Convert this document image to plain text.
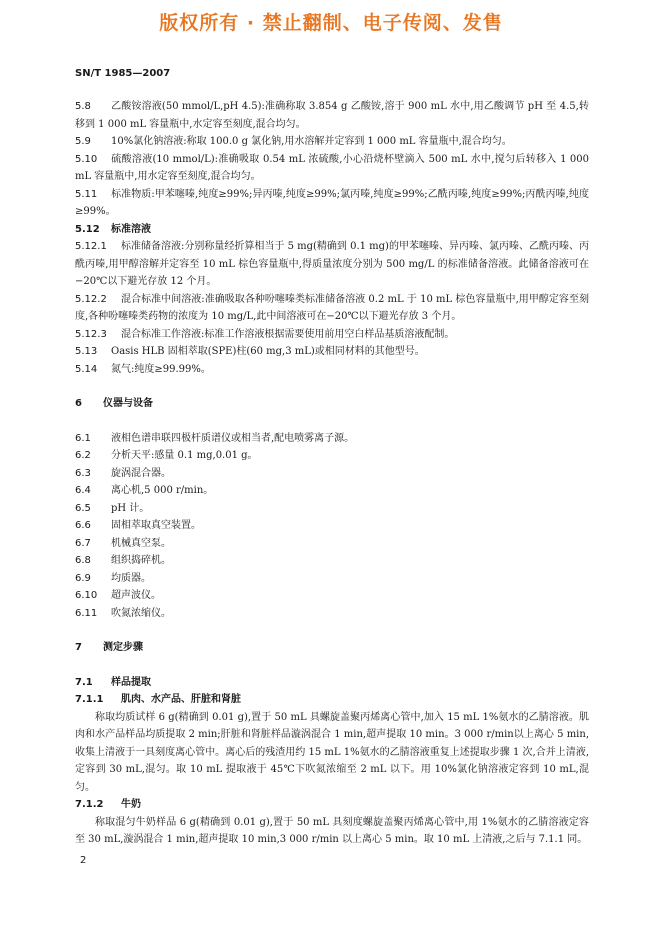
版权所有 · 禁止翻制、电子传阅、发售
SN/T 1985—2007

5.8 乙酸铵溶液(50 mmol/L,pH 4.5):准确称取 3.854 g 乙酸铵,溶于 900 mL 水中,用乙酸调节 pH 至 4.5,转移到 1 000 mL 容量瓶中,水定容至刻度,混合均匀。

5.9 10%氯化钠溶液:称取 100.0 g 氯化钠,用水溶解并定容到 1 000 mL 容量瓶中,混合均匀。

5.10 硫酸溶液(10 mmol/L):准确吸取 0.54 mL 浓硫酸,小心沿烧杯壁滴入 500 mL 水中,搅匀后转移入 1 000 mL 容量瓶中,用水定容至刻度,混合均匀。

5.11 标准物质:甲苯噻嗪,纯度≥99%;异丙嗪,纯度≥99%;氯丙嗪,纯度≥99%;乙酰丙嗪,纯度≥99%;丙酰丙嗪,纯度≥99%。

5.12 标准溶液

5.12.1 标准储备溶液:分别称量经折算相当于 5 mg(精确到 0.1 mg)的甲苯噻嗪、异丙嗪、氯丙嗪、乙酰丙嗪、丙酰丙嗪,用甲醇溶解并定容至 10 mL 棕色容量瓶中,得质量浓度分别为 500 mg/L 的标准储备溶液。此储备溶液可在−20℃以下避光存放 12 个月。

5.12.2 混合标准中间溶液:准确吸取各种吩噻嗪类标准储备溶液 0.2 mL 于 10 mL 棕色容量瓶中,用甲醇定容至刻度,各种吩噻嗪类药物的浓度为 10 mg/L,此中间溶液可在−20℃以下避光存放 3 个月。

5.12.3 混合标准工作溶液:标准工作溶液根据需要使用前用空白样品基质溶液配制。

5.13 Oasis HLB 固相萃取(SPE)柱(60 mg,3 mL)或相同材料的其他型号。

5.14 氮气:纯度≥99.99%。

6 仪器与设备

6.1 液相色谱串联四极杆质谱仪或相当者,配电喷雾离子源。

6.2 分析天平:感量 0.1 mg,0.01 g。

6.3 旋涡混合器。

6.4 离心机,5 000 r/min。

6.5 pH 计。

6.6 固相萃取真空装置。

6.7 机械真空泵。

6.8 组织捣碎机。

6.9 均质器。

6.10 超声波仪。

6.11 吹氮浓缩仪。

7 测定步骤

7.1 样品提取

7.1.1 肌肉、水产品、肝脏和肾脏

称取均质试样 6 g(精确到 0.01 g),置于 50 mL 具螺旋盖聚丙烯离心管中,加入 15 mL 1%氨水的乙腈溶液。肌肉和水产品样品均质提取 2 min;肝脏和肾脏样品漩涡混合 1 min,超声提取 10 min。3 000 r/min以上离心 5 min,收集上清液于一具刻度离心管中。离心后的残渣用约 15 mL 1%氨水的乙腈溶液重复上述提取步骤 1 次,合并上清液,定容到 30 mL,混匀。取 10 mL 提取液于 45℃下吹氮浓缩至 2 mL 以下。用 10%氯化钠溶液定容到 10 mL,混匀。

7.1.2 牛奶

称取混匀牛奶样品 6 g(精确到 0.01 g),置于 50 mL 具刻度螺旋盖聚丙烯离心管中,用 1%氨水的乙腈溶液定容至 30 mL,漩涡混合 1 min,超声提取 10 min,3 000 r/min 以上离心 5 min。取 10 mL 上清液,之后与 7.1.1 同。

2
